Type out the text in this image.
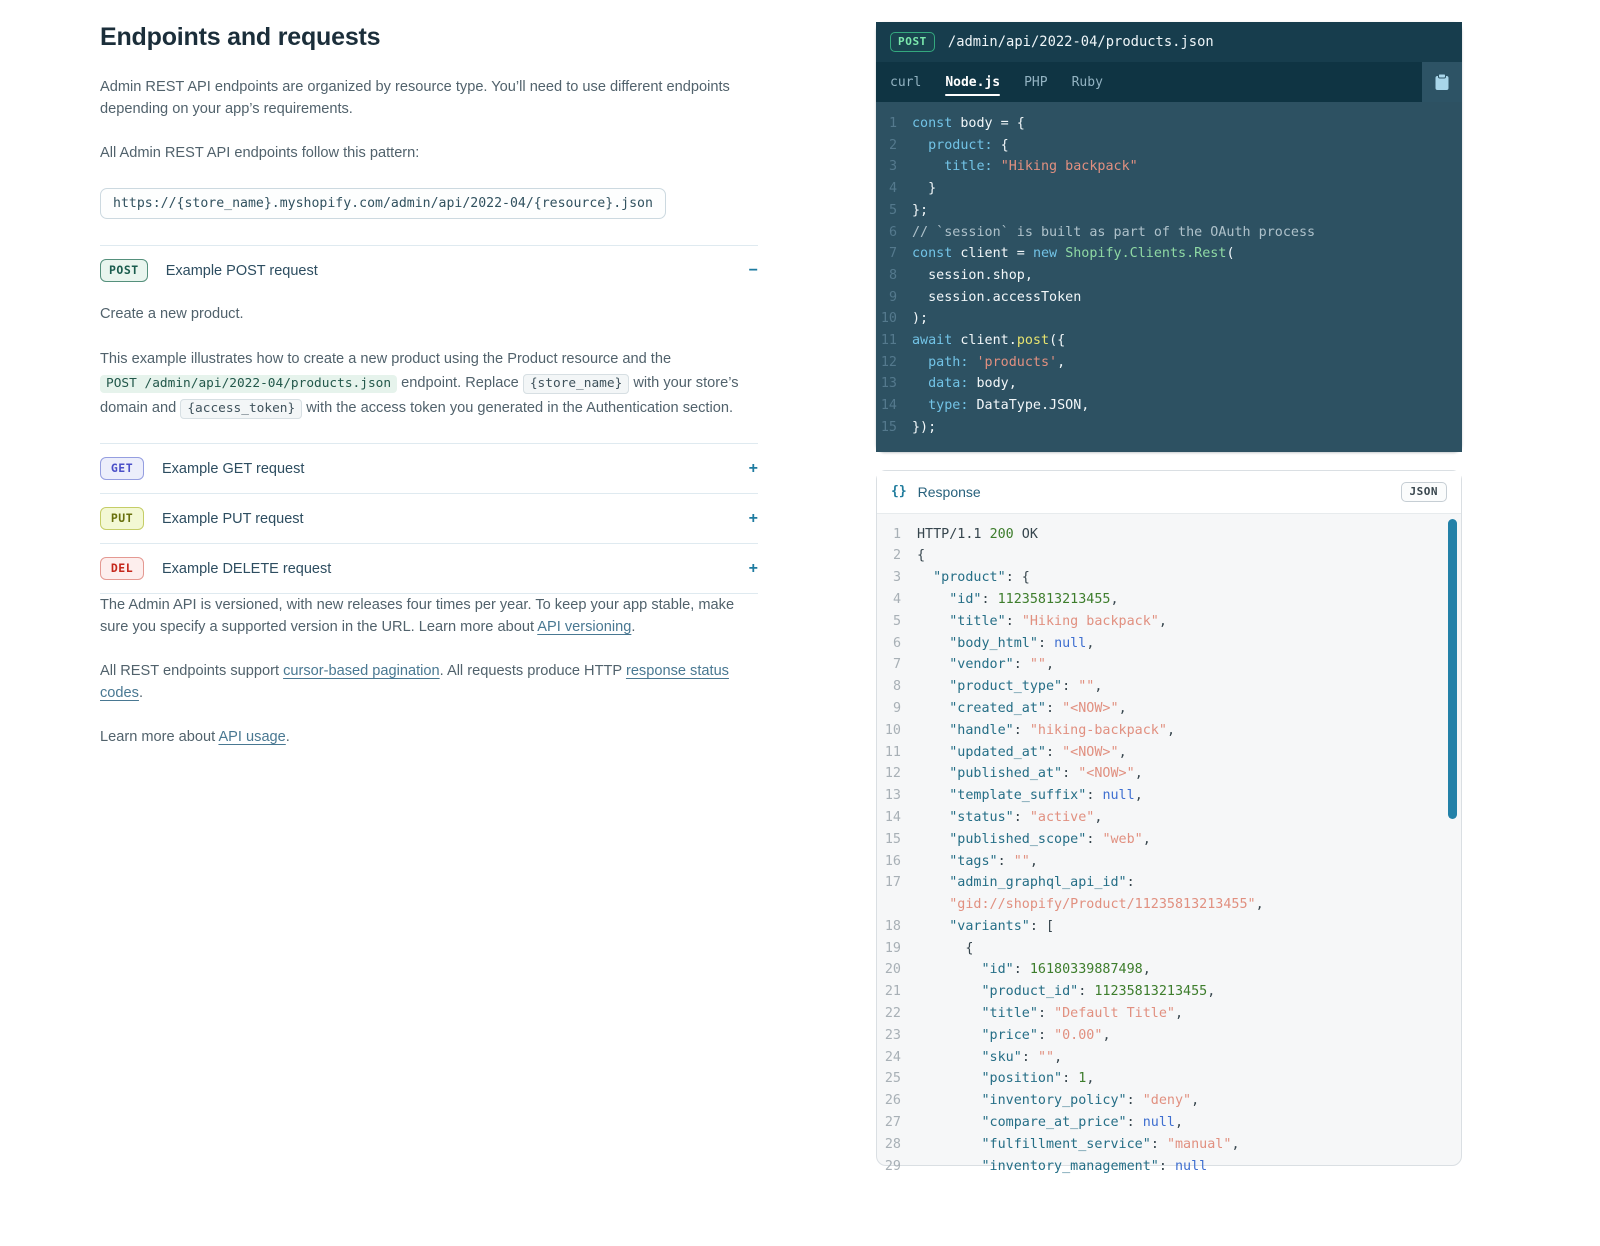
Endpoints and requests

Admin REST API endpoints are organized by resource type. You’ll need to use different endpoints depending on your app’s requirements.

All Admin REST API endpoints follow this pattern:

https://{store_name}.myshopify.com/admin/api/2022-04/{resource}.json
POST	Example POST request	−

Create a new product.

This example illustrates how to create a new product using the Product resource and the POST /admin/api/2022-04/products.json endpoint. Replace {store_name} with your store’s domain and {access_token} with the access token you generated in the Authentication section.

GET	Example GET request	+
PUT	Example PUT request	+
DEL	Example DELETE request	+

The Admin API is versioned, with new releases four times per year. To keep your app stable, make sure you specify a supported version in the URL. Learn more about API versioning.

All REST endpoints support cursor-based pagination. All requests produce HTTP response status codes.

Learn more about API usage.

POST	/admin/api/2022-04/products.json
curl Node.js PHP Ruby
1	const body = {
2	product: {
3	title: "Hiking backpack"
4	}
5	};
6	// `session` is built as part of the OAuth process
7	const client = new Shopify.Clients.Rest(
8	session.shop,
9	session.accessToken
10	);
11	await client.post({
12	path: 'products',
13	data: body,
14	type: DataType.JSON,
15	});
{} Response	JSON
1	HTTP/1.1 200 OK
2	{
3	"product": {
4	"id": 11235813213455,
5	"title": "Hiking backpack",
6	"body_html": null,
7	"vendor": "",
8	"product_type": "",
9	"created_at": "<NOW>",
10	"handle": "hiking-backpack",
11	"updated_at": "<NOW>",
12	"published_at": "<NOW>",
13	"template_suffix": null,
14	"status": "active",
15	"published_scope": "web",
16	"tags": "",
17	"admin_graphql_api_id":
"gid://shopify/Product/11235813213455",
18	"variants": [
19	{
20	"id": 16180339887498,
21	"product_id": 11235813213455,
22	"title": "Default Title",
23	"price": "0.00",
24	"sku": "",
25	"position": 1,
26	"inventory_policy": "deny",
27	"compare_at_price": null,
28	"fulfillment_service": "manual",
29	"inventory_management": null
